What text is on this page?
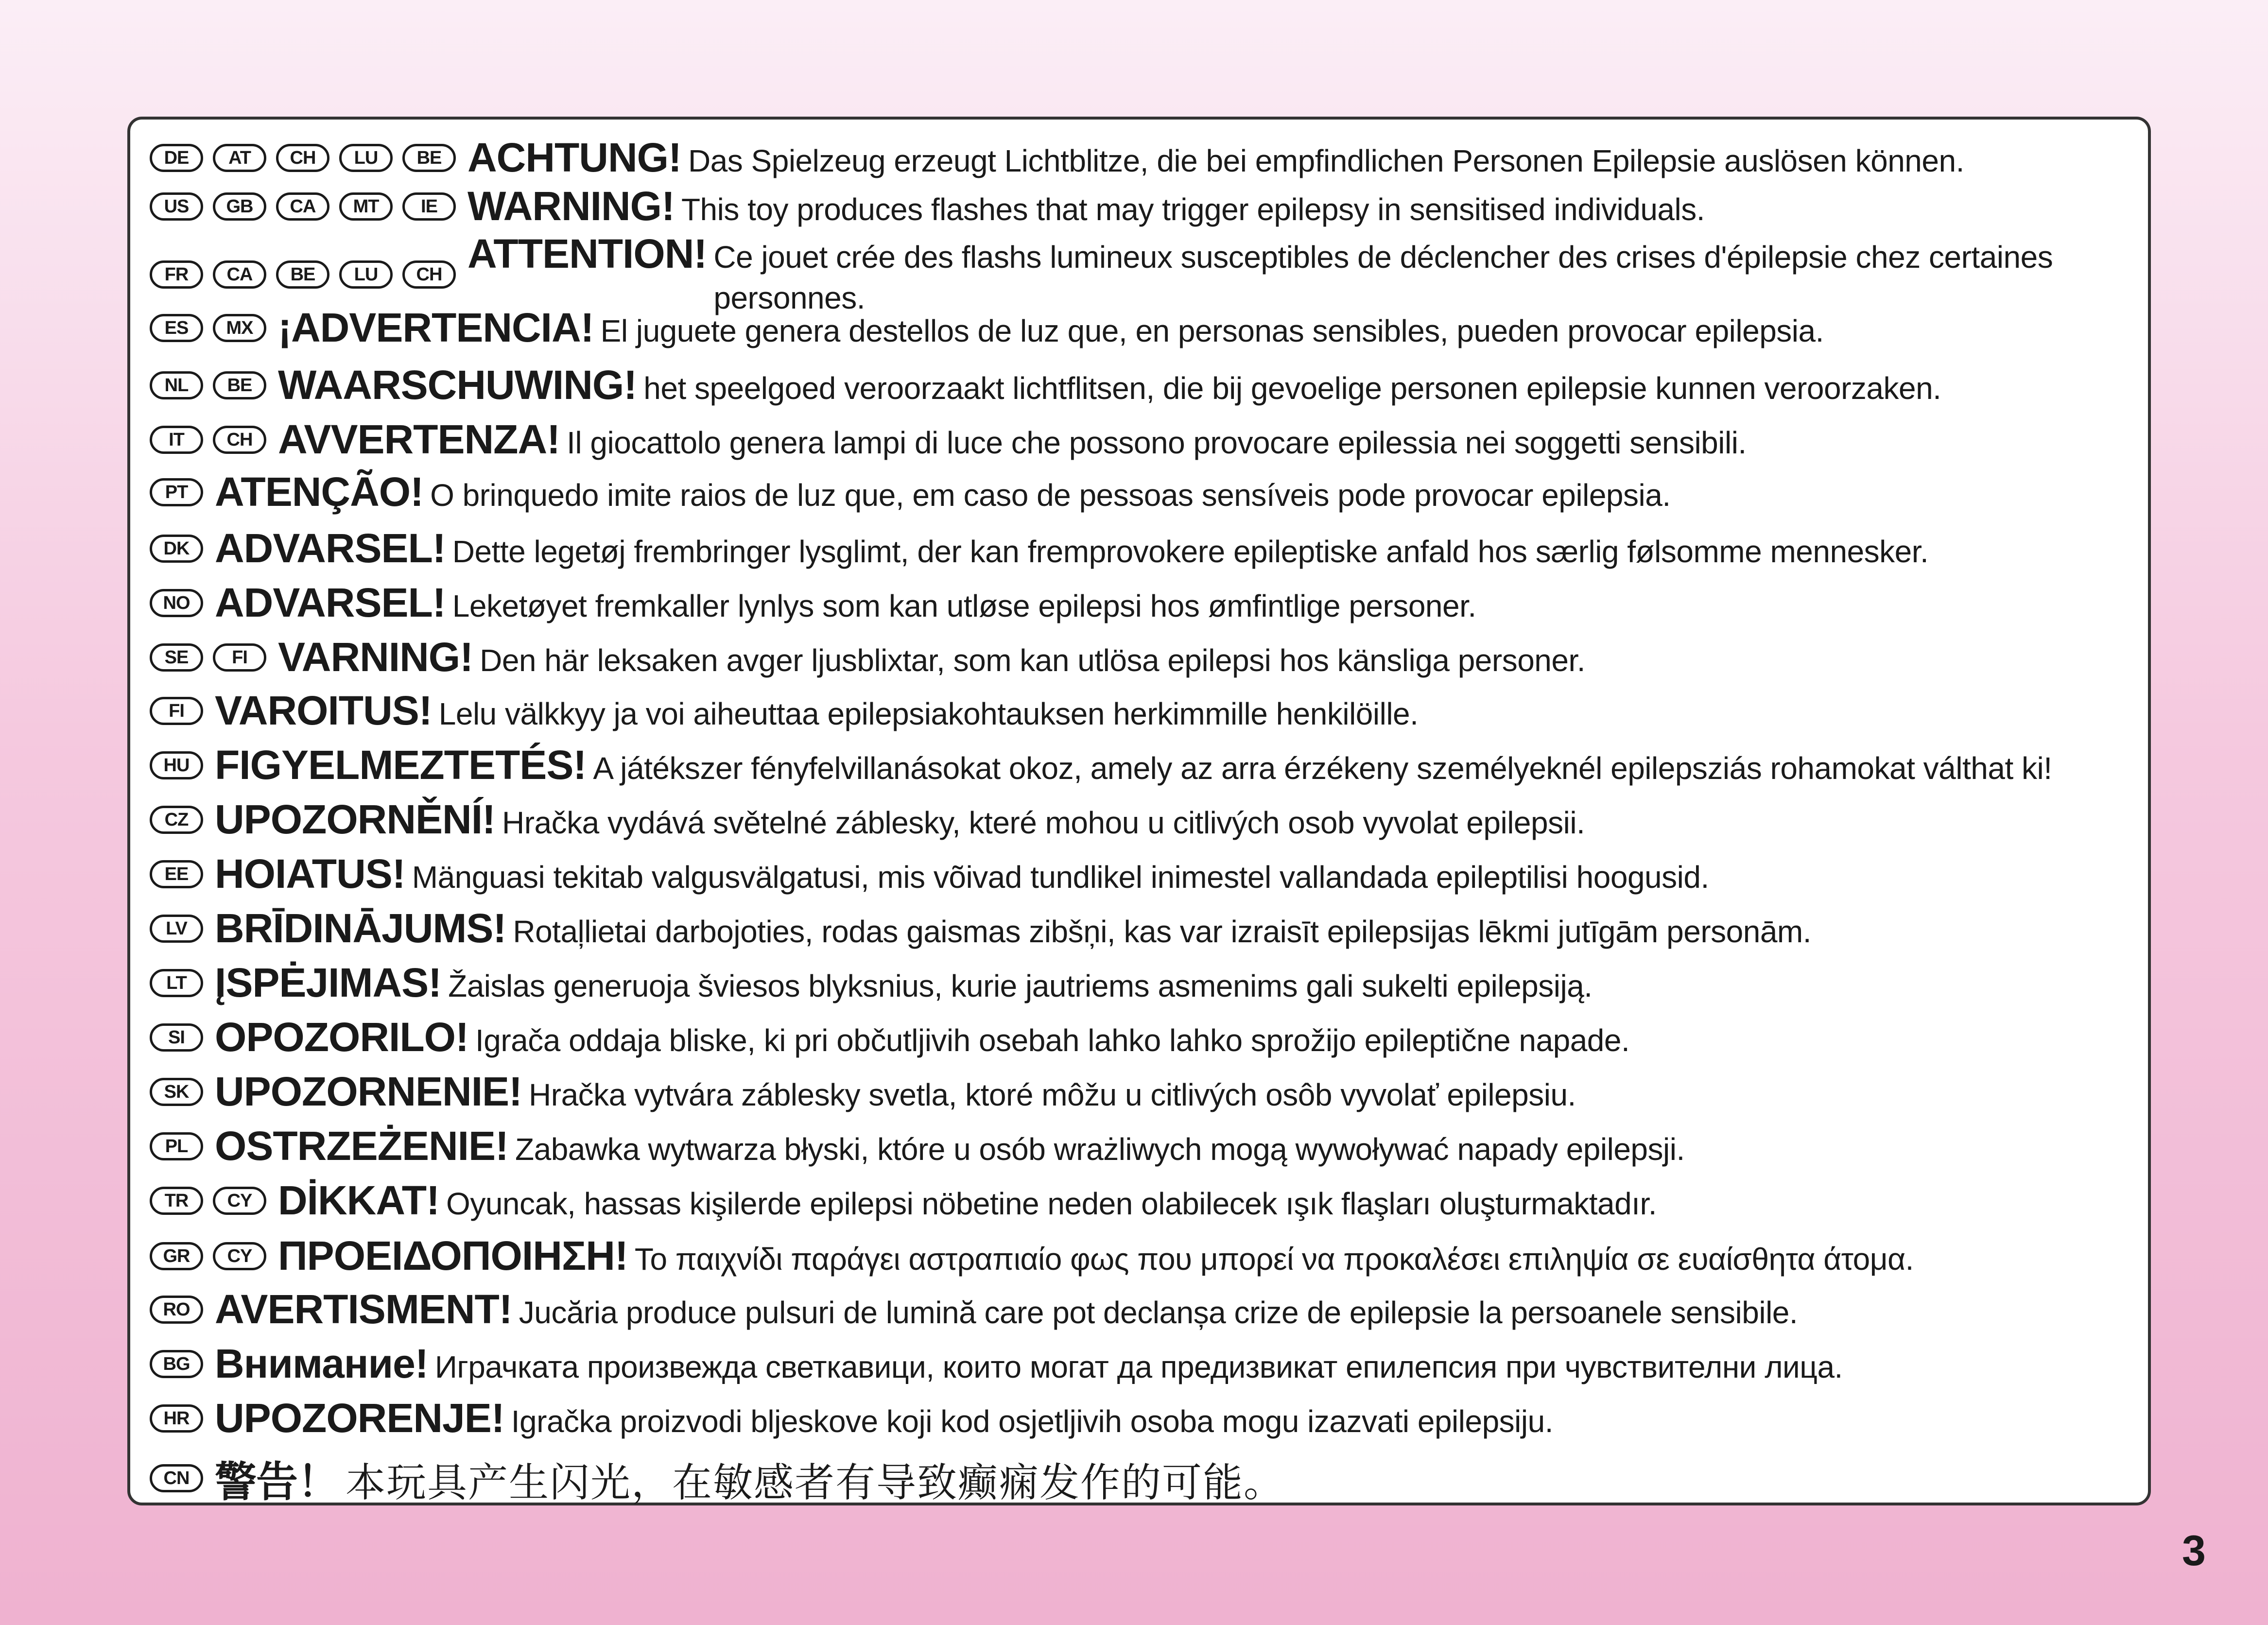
DE	AT	CH	LU	BE ACHTUNG! Das Spielzeug erzeugt Lichtblitze, die bei empfindlichen Personen Epilepsie auslösen können.
US	GB	CA	MT	IE WARNING! This toy produces flashes that may trigger epilepsy in sensitised individuals.
FR	CA	BE	LU	CH ATTENTION! Ce jouet crée des flashs lumineux susceptibles de déclencher des crises d'épilepsie chez certaines personnes.
ES	MX ¡ADVERTENCIA! El juguete genera destellos de luz que, en personas sensibles, pueden provocar epilepsia.
NL	BE WAARSCHUWING! het speelgoed veroorzaakt lichtflitsen, die bij gevoelige personen epilepsie kunnen veroorzaken.
IT	CH AVVERTENZA! Il giocattolo genera lampi di luce che possono provocare epilessia nei soggetti sensibili.
PT ATENÇÃO! O brinquedo imite raios de luz que, em caso de pessoas sensíveis pode provocar epilepsia.
DK ADVARSEL! Dette legetøj frembringer lysglimt, der kan fremprovokere epileptiske anfald hos særlig følsomme mennesker.
NO ADVARSEL! Leketøyet fremkaller lynlys som kan utløse epilepsi hos ømfintlige personer.
SE	FI VARNING! Den här leksaken avger ljusblixtar, som kan utlösa epilepsi hos känsliga personer.
FI VAROITUS! Lelu välkkyy ja voi aiheuttaa epilepsiakohtauksen herkimmille henkilöille.
HU FIGYELMEZTETÉS! A játékszer fényfelvillanásokat okoz, amely az arra érzékeny személyeknél epilepsziás rohamokat válthat ki!
CZ UPOZORNĚNÍ! Hračka vydává světelné záblesky, které mohou u citlivých osob vyvolat epilepsii.
EE HOIATUS! Mänguasi tekitab valgusvälgatusi, mis võivad tundlikel inimestel vallandada epileptilisi hoogusid.
LV BRĪDINĀJUMS! Rotaļlietai darbojoties, rodas gaismas zibšņi, kas var izraisīt epilepsijas lēkmi jutīgām personām.
LT ĮSPĖJIMAS! Žaislas generuoja šviesos blyksnius, kurie jautriems asmenims gali sukelti epilepsiją.
SI OPOZORILO! Igrača oddaja bliske, ki pri občutljivih osebah lahko lahko sprožijo epileptične napade.
SK UPOZORNENIE! Hračka vytvára záblesky svetla, ktoré môžu u citlivých osôb vyvolať epilepsiu.
PL OSTRZEŻENIE! Zabawka wytwarza błyski, które u osób wrażliwych mogą wywoływać napady epilepsji.
TR	CY DİKKAT! Oyuncak, hassas kişilerde epilepsi nöbetine neden olabilecek ışık flaşları oluşturmaktadır.
GR	CY ΠΡΟΕΙΔΟΠΟΙΗΣΗ! Το παιχνίδι παράγει αστραπιαίο φως που μπορεί να προκαλέσει επιληψία σε ευαίσθητα άτομα.
RO AVERTISMENT! Jucăria produce pulsuri de lumină care pot declanșa crize de epilepsie la persoanele sensibile.
BG Внимание! Играчката произвежда светкавици, които могат да предизвикат епилепсия при чувствителни лица.
HR UPOZORENJE! Igračka proizvodi bljeskove koji kod osjetljivih osoba mogu izazvati epilepsiju.
CN 警告！ 本玩具产生闪光，在敏感者有导致癫痫发作的可能。
3
